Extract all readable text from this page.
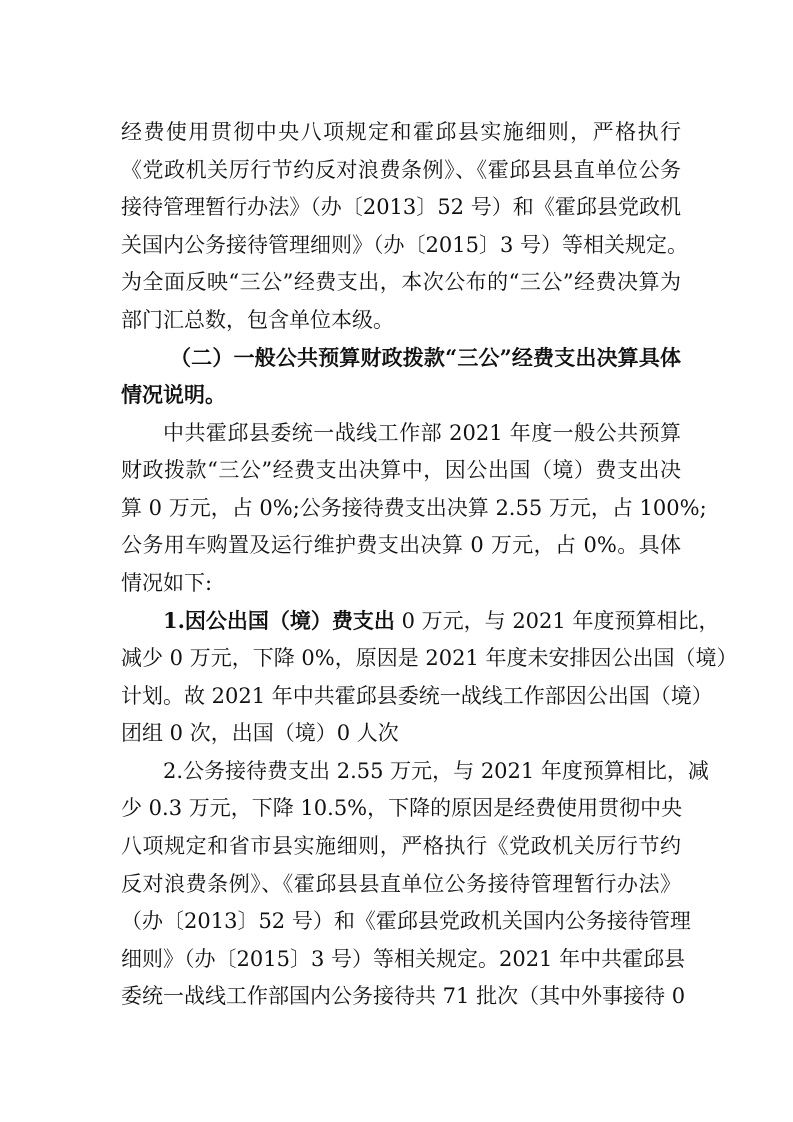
经费使用贯彻中央八项规定和霍邱县实施细则，严格执行
《党政机关厉行节约反对浪费条例》、《霍邱县县直单位公务
接待管理暂行办法》（办〔2013〕52 号）和《霍邱县党政机
关国内公务接待管理细则》（办〔2015〕3 号）等相关规定。
为全面反映“三公”经费支出，本次公布的“三公”经费决算为
部门汇总数，包含单位本级。
（二）一般公共预算财政拨款“三公”经费支出决算具体
情况说明。
中共霍邱县委统一战线工作部 2021 年度一般公共预算
财政拨款“三公”经费支出决算中，因公出国（境）费支出决
算 0 万元，占 0%;公务接待费支出决算 2.55 万元，占 100%;
公务用车购置及运行维护费支出决算 0 万元，占 0%。具体
情况如下:
1.因公出国（境）费支出 0 万元，与 2021 年度预算相比，
减少 0 万元，下降 0%，原因是 2021 年度未安排因公出国（境）
计划。故 2021 年中共霍邱县委统一战线工作部因公出国（境）
团组 0 次，出国（境）0 人次
2.公务接待费支出 2.55 万元，与 2021 年度预算相比，减
少 0.3 万元，下降 10.5%，下降的原因是经费使用贯彻中央
八项规定和省市县实施细则，严格执行《党政机关厉行节约
反对浪费条例》、《霍邱县县直单位公务接待管理暂行办法》
（办〔2013〕52 号）和《霍邱县党政机关国内公务接待管理
细则》（办〔2015〕3 号）等相关规定。2021 年中共霍邱县
委统一战线工作部国内公务接待共 71 批次（其中外事接待 0
